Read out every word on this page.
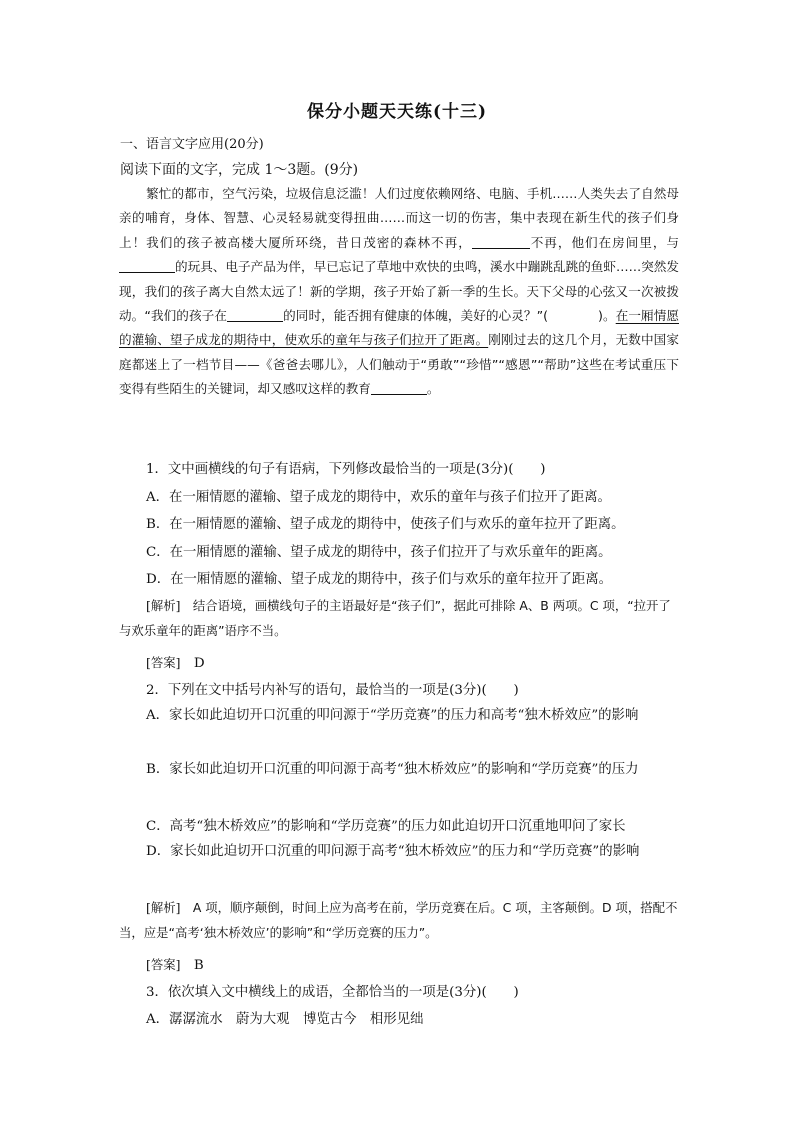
保分小题天天练(十三)
一、语言文字应用(20分)
阅读下面的文字，完成 1～3题。(9分)
繁忙的都市，空气污染，垃圾信息泛滥！人们过度依赖网络、电脑、手机……人类失去了自然母亲的哺育，身体、智慧、心灵轻易就变得扭曲……而这一切的伤害，集中表现在新生代的孩子们身上！我们的孩子被高楼大厦所环绕，昔日茂密的森林不再，	不再，他们在房间里，与的玩具、电子产品为伴，早已忘记了草地中欢快的虫鸣，溪水中蹦跳乱跳的鱼虾……突然发现，我们的孩子离大自然太远了！新的学期，孩子开始了新一季的生长。天下父母的心弦又一次被拨动。“我们的孩子在	的同时，能否拥有健康的体魄，美好的心灵？”(	)。在一厢情愿的灌输、望子成龙的期待中，使欢乐的童年与孩子们拉开了距离。刚刚过去的这几个月，无数中国家庭都迷上了一档节目——《爸爸去哪儿》，人们触动于“勇敢”“珍惜”“感恩”“帮助”这些在考试重压下变得有些陌生的关键词，却又感叹这样的教育	。
1．文中画横线的句子有语病，下列修改最恰当的一项是(3分)(　　)
A．在一厢情愿的灌输、望子成龙的期待中，欢乐的童年与孩子们拉开了距离。
B．在一厢情愿的灌输、望子成龙的期待中，使孩子们与欢乐的童年拉开了距离。
C．在一厢情愿的灌输、望子成龙的期待中，孩子们拉开了与欢乐童年的距离。
D．在一厢情愿的灌输、望子成龙的期待中，孩子们与欢乐的童年拉开了距离。
[解析]　 结合语境，画横线句子的主语最好是“孩子们”，据此可排除 A、B 两项。C 项，“拉开了与欢乐童年的距离”语序不当。
[答案]　 D
2．下列在文中括号内补写的语句，最恰当的一项是(3分)(　　)
A．家长如此迫切开口沉重的叩问源于“学历竞赛”的压力和高考“独木桥效应”的影响
B．家长如此迫切开口沉重的叩问源于高考“独木桥效应”的影响和“学历竞赛”的压力
C．高考“独木桥效应”的影响和“学历竞赛”的压力如此迫切开口沉重地叩问了家长
D．家长如此迫切开口沉重的叩问源于高考“独木桥效应”的压力和“学历竞赛”的影响
[解析]　 A 项，顺序颠倒，时间上应为高考在前，学历竞赛在后。C 项，主客颠倒。D 项，搭配不当，应是“高考‘独木桥效应’的影响”和“学历竞赛的压力”。
[答案]　 B
3．依次填入文中横线上的成语，全都恰当的一项是(3分)(　　)
A．潺潺流水　蔚为大观　博览古今　相形见绌
